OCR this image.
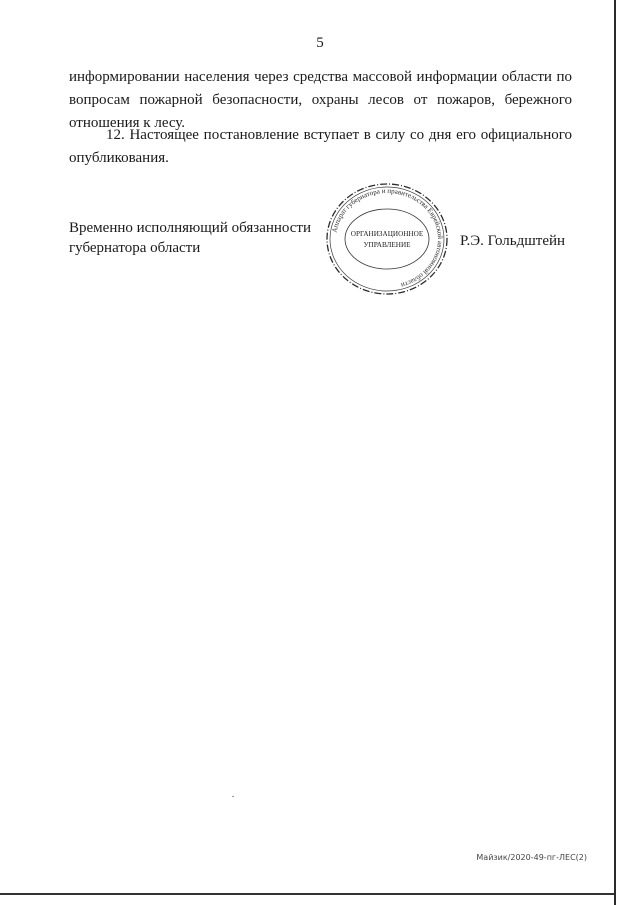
5

информировании населения через средства массовой информации области по
вопросам пожарной безопасности, охраны лесов от пожаров, бережного
отношения к лесу.

12. Настоящее постановление вступает в силу со дня его официального
опубликования.

Временно исполняющий обязанности
губернатора области
Аппарат губернатора и правительства Еврейской автономной области
ОРГАНИЗАЦИОННОЕ
УПРАВЛЕНИЕ	Р.Э. Гольдштейн
Майзик/2020-49-пг-ЛЕС(2)
